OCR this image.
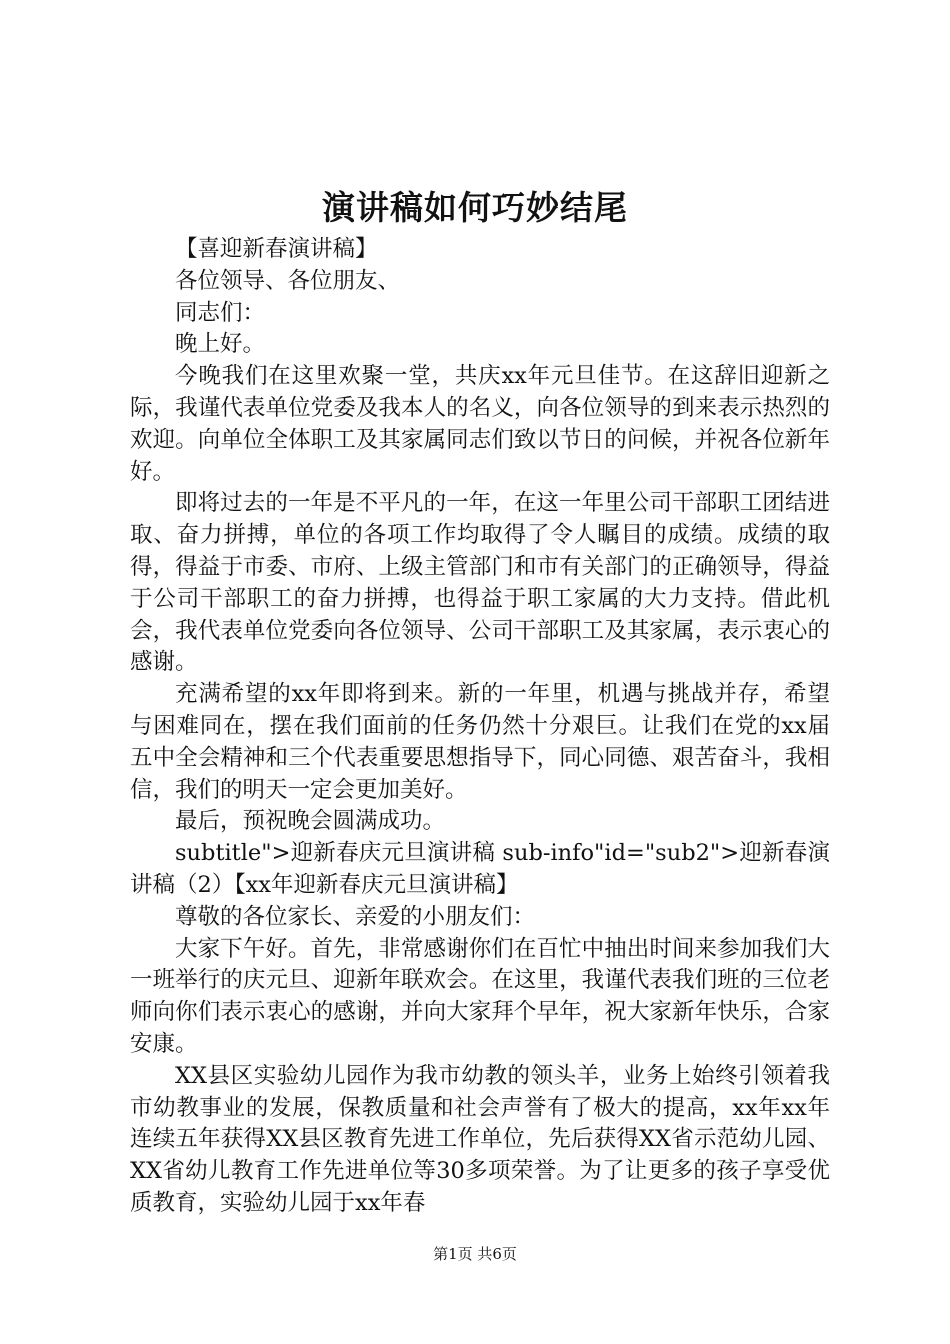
演讲稿如何巧妙结尾

【喜迎新春演讲稿】

各位领导、各位朋友、

同志们：

晚上好。

今晚我们在这里欢聚一堂，共庆xx年元旦佳节。在这辞旧迎新之际，我谨代表单位党委及我本人的名义，向各位领导的到来表示热烈的欢迎。向单位全体职工及其家属同志们致以节日的问候，并祝各位新年好。

即将过去的一年是不平凡的一年，在这一年里公司干部职工团结进取、奋力拼搏，单位的各项工作均取得了令人瞩目的成绩。成绩的取得，得益于市委、市府、上级主管部门和市有关部门的正确领导，得益于公司干部职工的奋力拼搏，也得益于职工家属的大力支持。借此机会，我代表单位党委向各位领导、公司干部职工及其家属，表示衷心的感谢。

充满希望的xx年即将到来。新的一年里，机遇与挑战并存，希望与困难同在，摆在我们面前的任务仍然十分艰巨。让我们在党的xx届五中全会精神和三个代表重要思想指导下，同心同德、艰苦奋斗，我相信，我们的明天一定会更加美好。

最后，预祝晚会圆满成功。

subtitle">迎新春庆元旦演讲稿 sub-info"id="sub2">迎新春演讲稿（2）【xx年迎新春庆元旦演讲稿】

尊敬的各位家长、亲爱的小朋友们：

大家下午好。首先，非常感谢你们在百忙中抽出时间来参加我们大一班举行的庆元旦、迎新年联欢会。在这里，我谨代表我们班的三位老师向你们表示衷心的感谢，并向大家拜个早年，祝大家新年快乐，合家安康。

XX县区实验幼儿园作为我市幼教的领头羊，业务上始终引领着我市幼教事业的发展，保教质量和社会声誉有了极大的提高，xx年xx年连续五年获得XX县区教育先进工作单位，先后获得XX省示范幼儿园、XX省幼儿教育工作先进单位等30多项荣誉。为了让更多的孩子享受优质教育，实验幼儿园于xx年春

第1页 共6页
